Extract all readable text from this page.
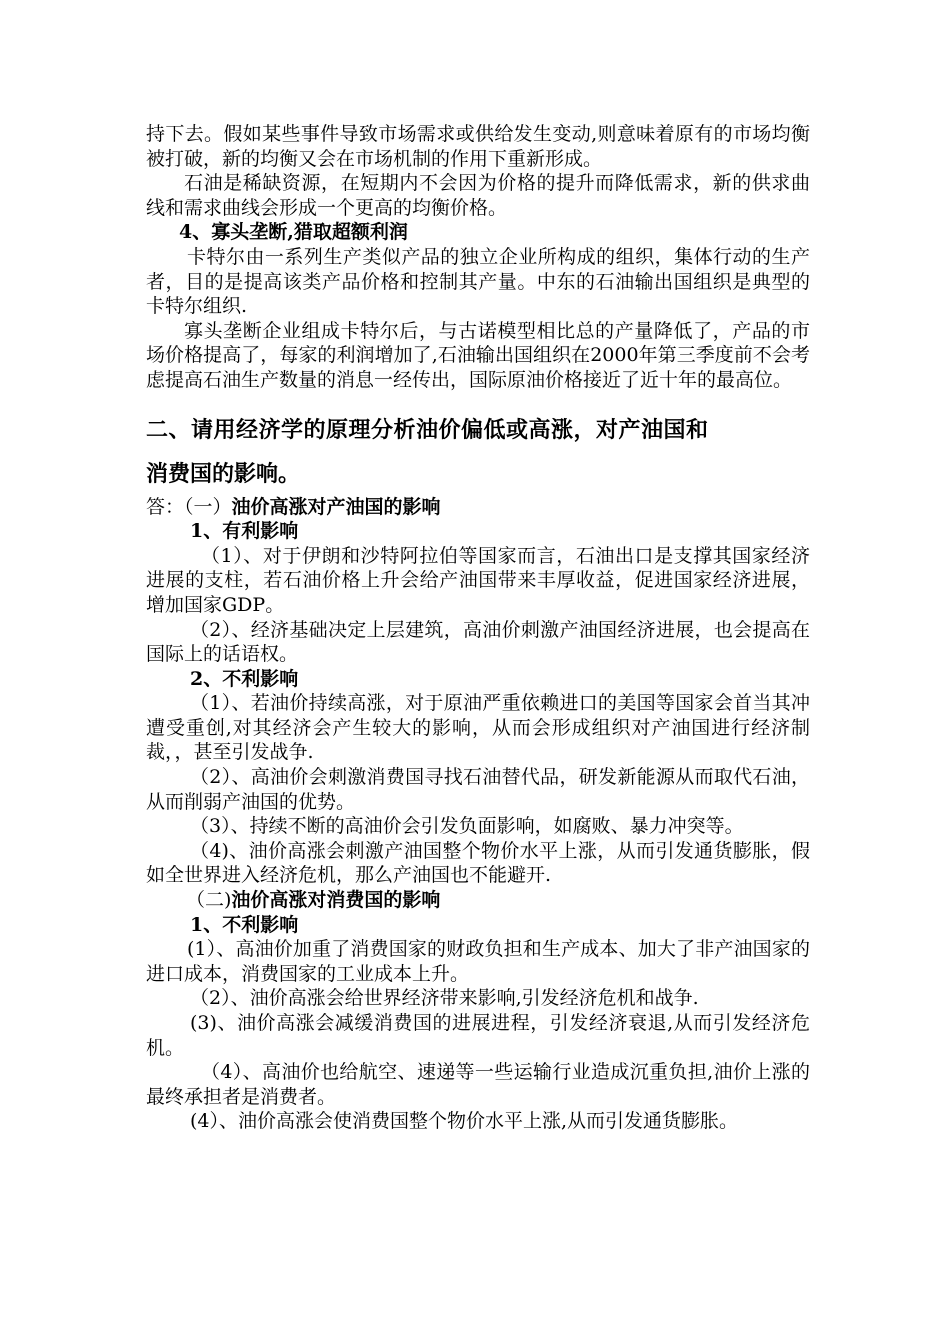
持下去。假如某些事件导致市场需求或供给发生变动,则意味着原有的市场均衡被打破，新的均衡又会在市场机制的作用下重新形成。

石油是稀缺资源，在短期内不会因为价格的提升而降低需求，新的供求曲线和需求曲线会形成一个更高的均衡价格。

4、寡头垄断,猎取超额利润

卡特尔由一系列生产类似产品的独立企业所构成的组织，集体行动的生产者，目的是提高该类产品价格和控制其产量。中东的石油输出国组织是典型的卡特尔组织.

寡头垄断企业组成卡特尔后，与古诺模型相比总的产量降低了，产品的市场价格提高了，每家的利润增加了,石油输出国组织在2000年第三季度前不会考虑提高石油生产数量的消息一经传出，国际原油价格接近了近十年的最高位。

二、请用经济学的原理分析油价偏低或高涨，对产油国和

消费国的影响。

答：（一）油价高涨对产油国的影响

1、有利影响

（1）、对于伊朗和沙特阿拉伯等国家而言，石油出口是支撑其国家经济进展的支柱，若石油价格上升会给产油国带来丰厚收益，促进国家经济进展，增加国家GDP。

（2）、经济基础决定上层建筑，高油价刺激产油国经济进展，也会提高在国际上的话语权。

2、不利影响

（1）、若油价持续高涨，对于原油严重依赖进口的美国等国家会首当其冲遭受重创,对其经济会产生较大的影响，从而会形成组织对产油国进行经济制裁，，甚至引发战争.

（2）、高油价会刺激消费国寻找石油替代品，研发新能源从而取代石油，从而削弱产油国的优势。

（3）、持续不断的高油价会引发负面影响，如腐败、暴力冲突等。

（4)、油价高涨会刺激产油国整个物价水平上涨，从而引发通货膨胀，假如全世界进入经济危机，那么产油国也不能避开.

（二)油价高涨对消费国的影响

1、不利影响

(1）、高油价加重了消费国家的财政负担和生产成本、加大了非产油国家的进口成本，消费国家的工业成本上升。

（2）、油价高涨会给世界经济带来影响,引发经济危机和战争.

(3)、油价高涨会减缓消费国的进展进程，引发经济衰退,从而引发经济危机。

（4）、高油价也给航空、速递等一些运输行业造成沉重负担,油价上涨的最终承担者是消费者。

(4）、油价高涨会使消费国整个物价水平上涨,从而引发通货膨胀。
